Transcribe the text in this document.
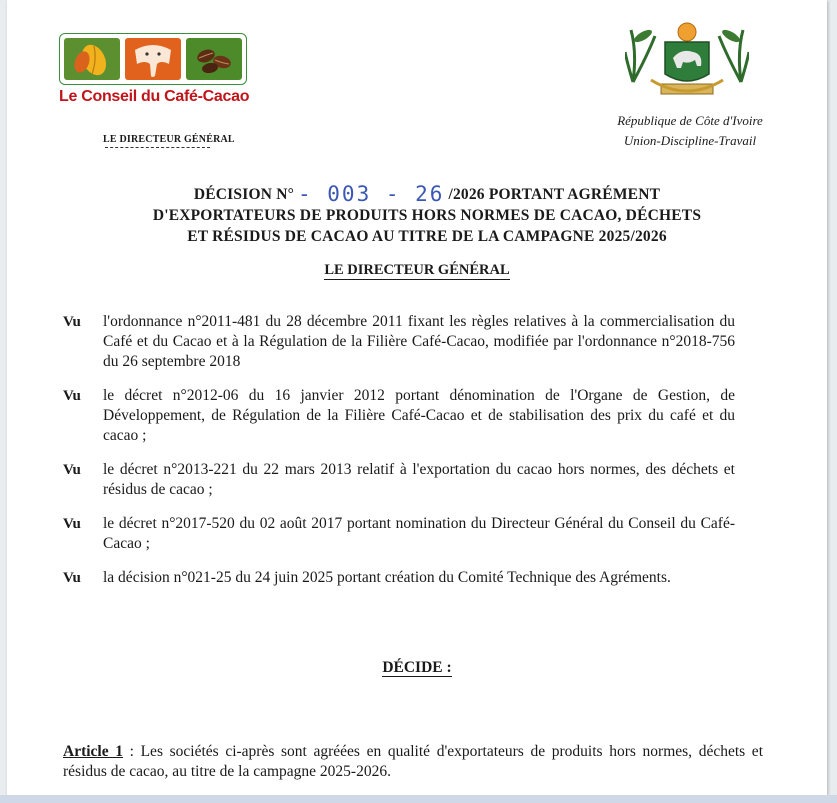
Le Conseil du Café-Cacao
LE DIRECTEUR GÉNÉRAL
République de Côte d'Ivoire
Union-Discipline-Travail
DÉCISION N° - 003 - 26 /2026 PORTANT AGRÉMENT
D'EXPORTATEURS DE PRODUITS HORS NORMES DE CACAO, DÉCHETS
ET RÉSIDUS DE CACAO AU TITRE DE LA CAMPAGNE 2025/2026
LE DIRECTEUR GÉNÉRAL
Vu l'ordonnance n°2011-481 du 28 décembre 2011 fixant les règles relatives à la commercialisation du Café et du Cacao et à la Régulation de la Filière Café-Cacao, modifiée par l'ordonnance n°2018-756 du 26 septembre 2018
Vu le décret n°2012-06 du 16 janvier 2012 portant dénomination de l'Organe de Gestion, de Développement, de Régulation de la Filière Café-Cacao et de stabilisation des prix du café et du cacao ;
Vu le décret n°2013-221 du 22 mars 2013 relatif à l'exportation du cacao hors normes, des déchets et résidus de cacao ;
Vu le décret n°2017-520 du 02 août 2017 portant nomination du Directeur Général du Conseil du Café-Cacao ;
Vu la décision n°021-25 du 24 juin 2025 portant création du Comité Technique des Agréments.
DÉCIDE :
Article 1 : Les sociétés ci-après sont agréées en qualité d'exportateurs de produits hors normes, déchets et résidus de cacao, au titre de la campagne 2025-2026.
